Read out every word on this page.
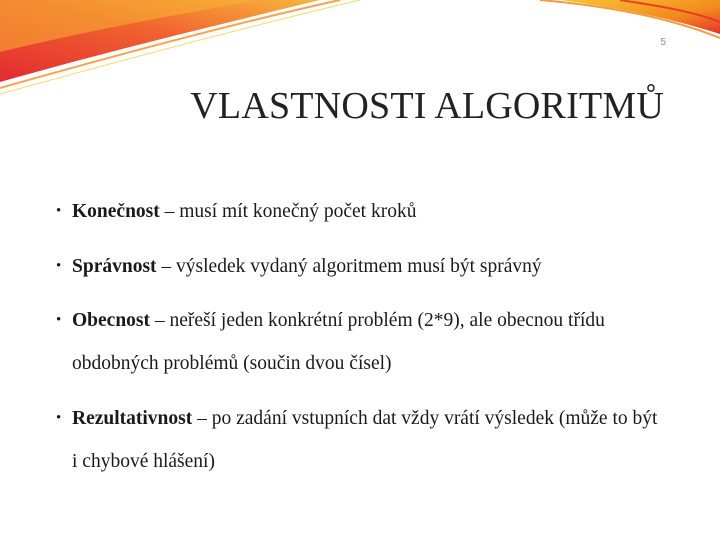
5
VLASTNOSTI ALGORITMŮ
• Konečnost – musí mít konečný počet kroků
• Správnost – výsledek vydaný algoritmem musí být správný
• Obecnost – neřeší jeden konkrétní problém (2*9), ale obecnou třídu obdobných problémů (součin dvou čísel)
• Rezultativnost – po zadání vstupních dat vždy vrátí výsledek (může to být i chybové hlášení)
